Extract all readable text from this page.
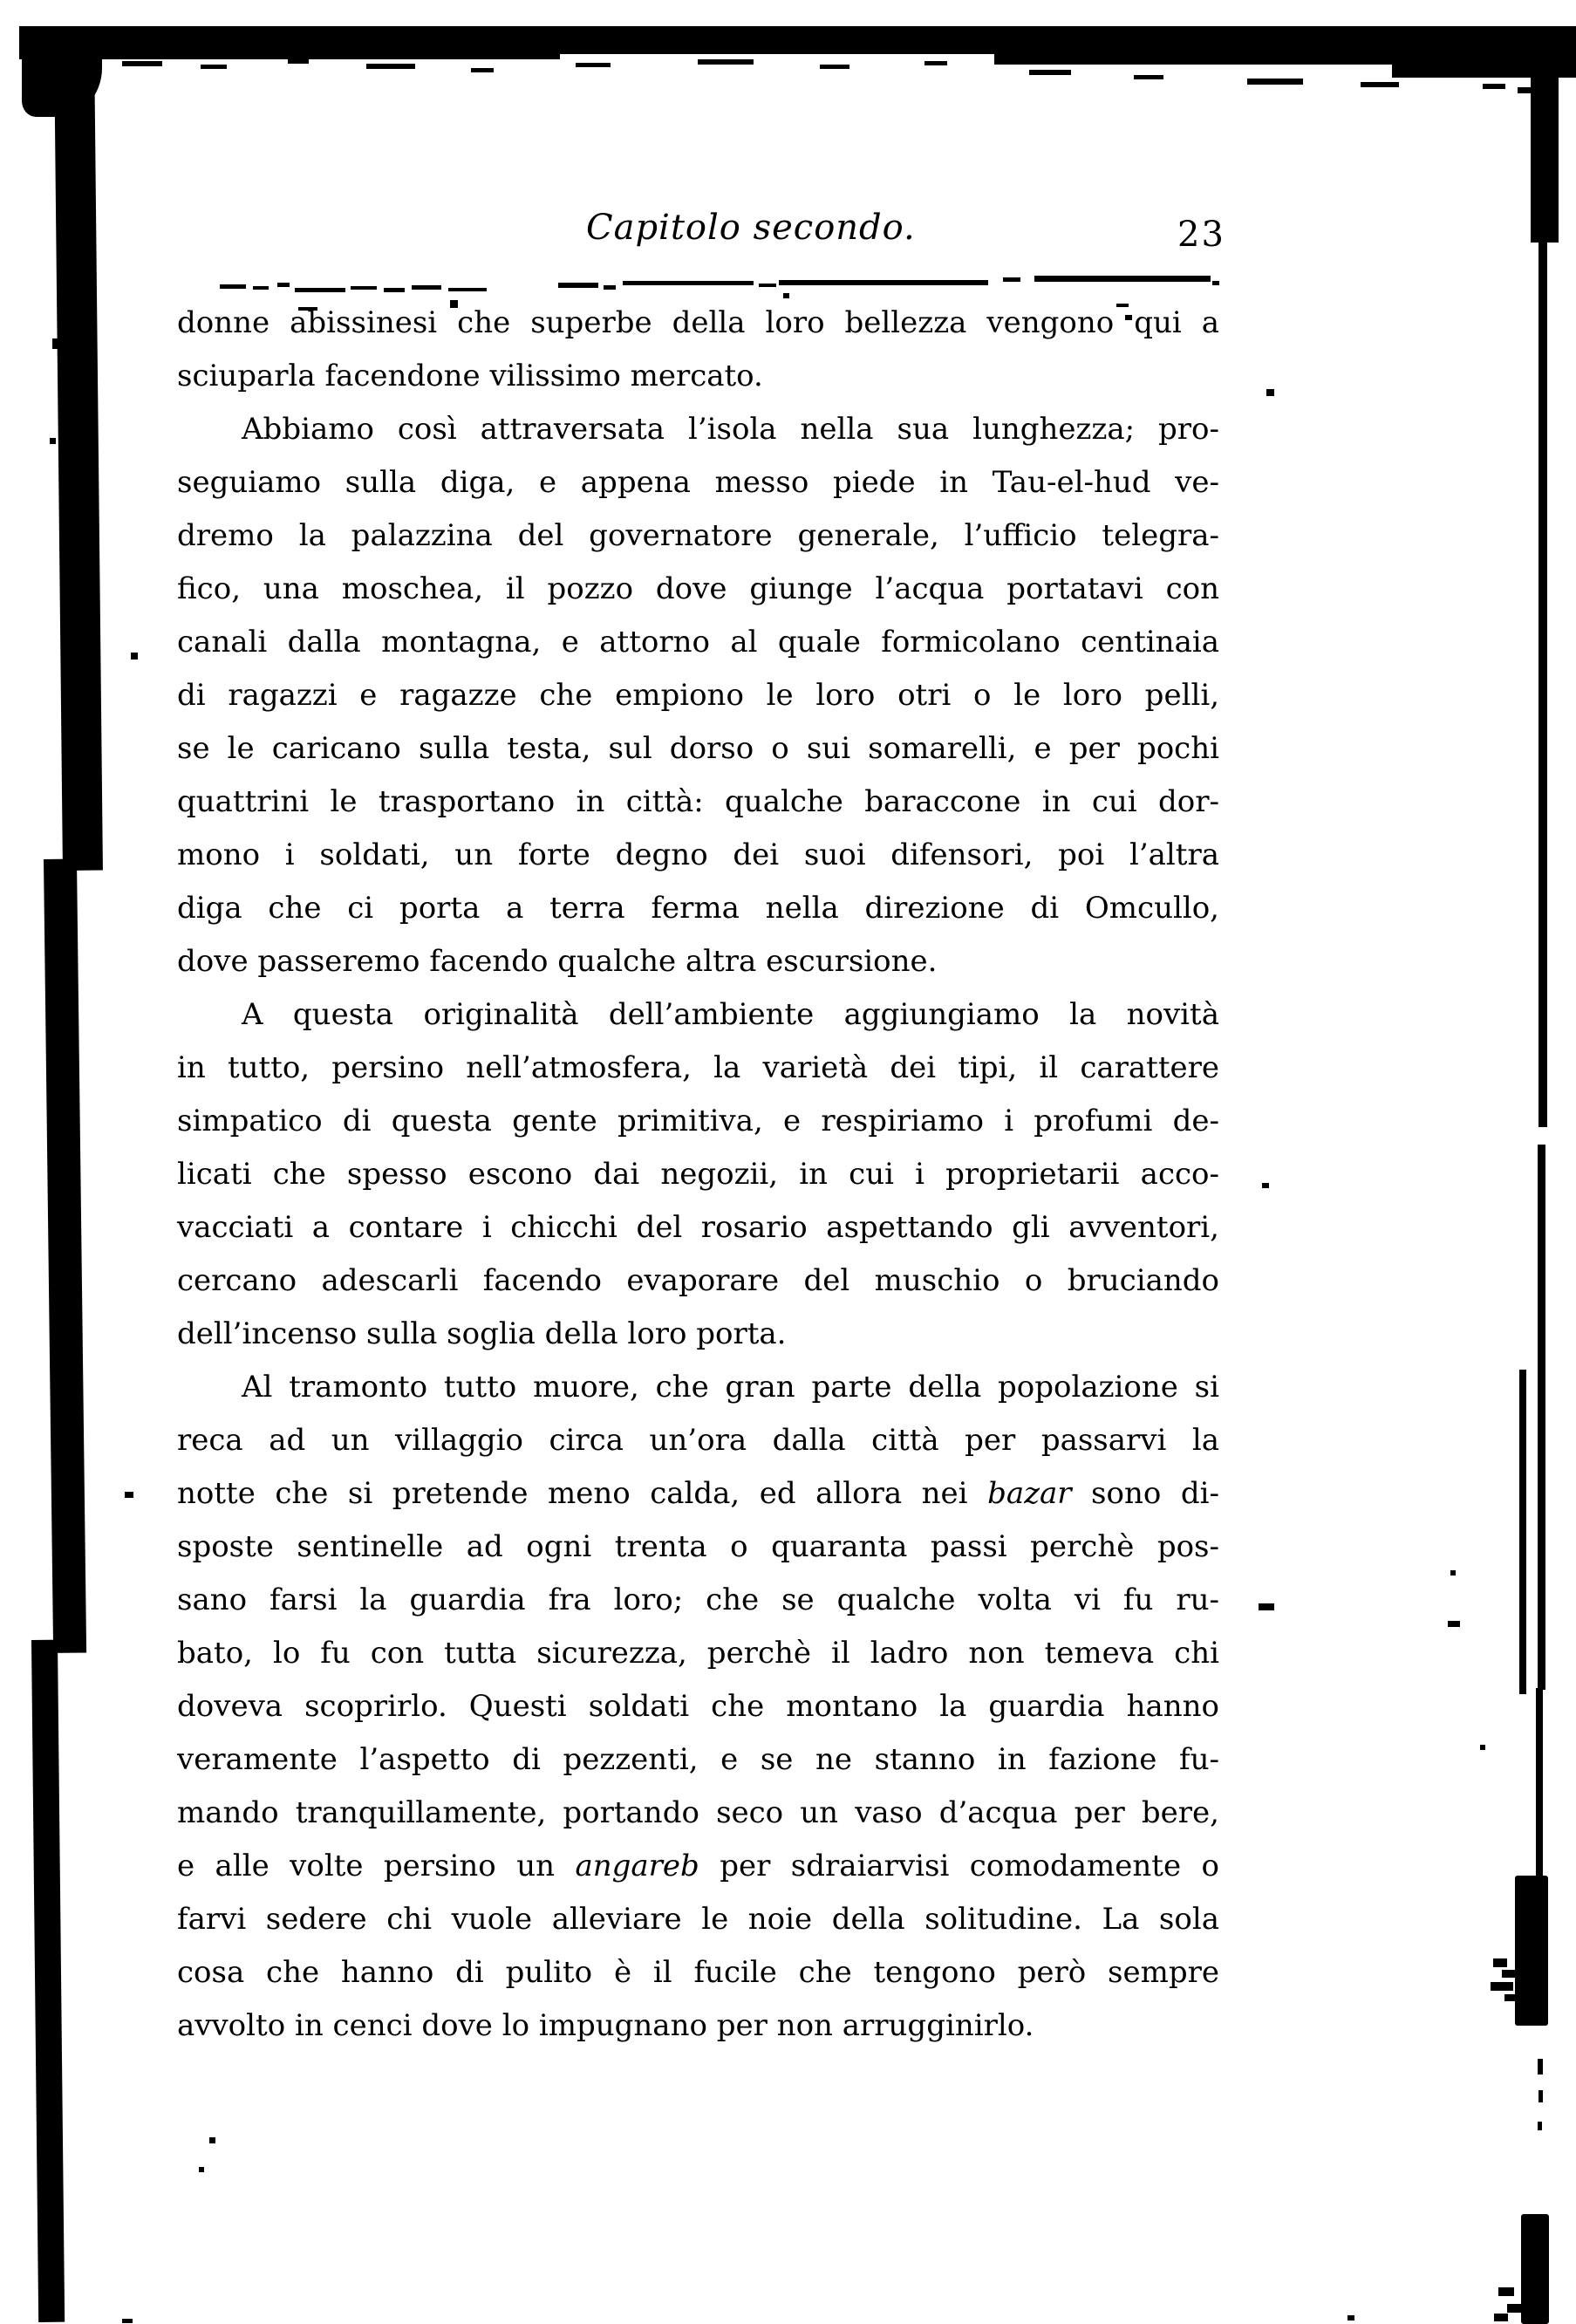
Capitolo secondo.	23
donne abissinesi che superbe della loro bellezza vengono qui a
sciuparla facendone vilissimo mercato.
Abbiamo così attraversata l’isola nella sua lunghezza; pro-
seguiamo sulla diga, e appena messo piede in Tau-el-hud ve-
dremo la palazzina del governatore generale, l’ufficio telegra-
fico, una moschea, il pozzo dove giunge l’acqua portatavi con
canali dalla montagna, e attorno al quale formicolano centinaia
di ragazzi e ragazze che empiono le loro otri o le loro pelli,
se le caricano sulla testa, sul dorso o sui somarelli, e per pochi
quattrini le trasportano in città: qualche baraccone in cui dor-
mono i soldati, un forte degno dei suoi difensori, poi l’altra
diga che ci porta a terra ferma nella direzione di Omcullo,
dove passeremo facendo qualche altra escursione.
A questa originalità dell’ambiente aggiungiamo la novità
in tutto, persino nell’atmosfera, la varietà dei tipi, il carattere
simpatico di questa gente primitiva, e respiriamo i profumi de-
licati che spesso escono dai negozii, in cui i proprietarii acco-
vacciati a contare i chicchi del rosario aspettando gli avventori,
cercano adescarli facendo evaporare del muschio o bruciando
dell’incenso sulla soglia della loro porta.
Al tramonto tutto muore, che gran parte della popolazione si
reca ad un villaggio circa un’ora dalla città per passarvi la
notte che si pretende meno calda, ed allora nei bazar sono di-
sposte sentinelle ad ogni trenta o quaranta passi perchè pos-
sano farsi la guardia fra loro; che se qualche volta vi fu ru-
bato, lo fu con tutta sicurezza, perchè il ladro non temeva chi
doveva scoprirlo. Questi soldati che montano la guardia hanno
veramente l’aspetto di pezzenti, e se ne stanno in fazione fu-
mando tranquillamente, portando seco un vaso d’acqua per bere,
e alle volte persino un angareb per sdraiarvisi comodamente o
farvi sedere chi vuole alleviare le noie della solitudine. La sola
cosa che hanno di pulito è il fucile che tengono però sempre
avvolto in cenci dove lo impugnano per non arrugginirlo.
